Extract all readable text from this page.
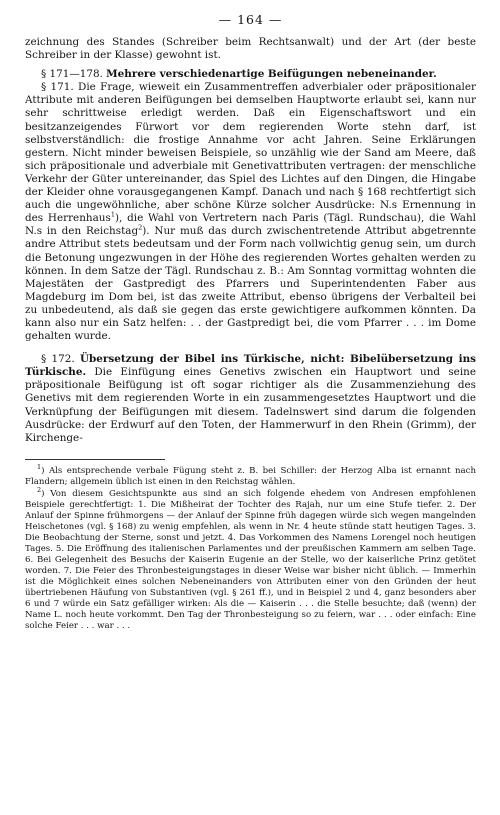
— 164 —

zeichnung des Standes (Schreiber beim Rechtsanwalt) und der Art (der beste Schreiber in der Klasse) gewohnt ist.

§ 171—178. Mehrere verschiedenartige Beifügungen nebeneinander.

§ 171. Die Frage, wieweit ein Zusammentreffen adverbialer oder präpositionaler Attribute mit anderen Beifügungen bei demselben Hauptworte erlaubt sei, kann nur sehr schrittweise erledigt werden. Daß ein Eigenschaftswort und ein besitzanzeigendes Fürwort vor dem regierenden Worte stehn darf, ist selbstverständlich: die frostige Annahme vor acht Jahren. Seine Erklärungen gestern. Nicht minder beweisen Beispiele, so unzählig wie der Sand am Meere, daß sich präpositionale und adverbiale mit Genetivattributen vertragen: der menschliche Verkehr der Güter untereinander, das Spiel des Lichtes auf den Dingen, die Hingabe der Kleider ohne vorausgegangenen Kampf. Danach und nach § 168 rechtfertigt sich auch die ungewöhnliche, aber schöne Kürze solcher Ausdrücke: N.s Ernennung in des Herrenhaus$^1$), die Wahl von Vertretern nach Paris (Tägl. Rundschau), die Wahl N.s in den Reichstag$^2$). Nur muß das durch zwischentretende Attribut abgetrennte andre Attribut stets bedeutsam und der Form nach vollwichtig genug sein, um durch die Betonung ungezwungen in der Höhe des regierenden Wortes gehalten werden zu können. In dem Satze der Tägl. Rundschau z. B.: Am Sonntag vormittag wohnten die Majestäten der Gastpredigt des Pfarrers und Superintendenten Faber aus Magdeburg im Dom bei, ist das zweite Attribut, ebenso übrigens der Verbalteil bei zu unbedeutend, als daß sie gegen das erste gewichtigere aufkommen könnten. Da kann also nur ein Satz helfen: . . der Gastpredigt bei, die vom Pfarrer . . . im Dome gehalten wurde.

§ 172. Übersetzung der Bibel ins Türkische, nicht: Bibelübersetzung ins Türkische. Die Einfügung eines Genetivs zwischen ein Hauptwort und seine präpositionale Beifügung ist oft sogar richtiger als die Zusammenziehung des Genetivs mit dem regierenden Worte in ein zusammengesetztes Hauptwort und die Verknüpfung der Beifügungen mit diesem. Tadelnswert sind darum die folgenden Ausdrücke: der Erdwurf auf den Toten, der Hammerwurf in den Rhein (Grimm), der Kirchenge-

$^1$) Als entsprechende verbale Fügung steht z. B. bei Schiller: der Herzog Alba ist ernannt nach Flandern; allgemein üblich ist einen in den Reichstag wählen.

$^2$) Von diesem Gesichtspunkte aus sind an sich folgende ehedem von Andresen empfohlenen Beispiele gerechtfertigt: 1. Die Mißheirat der Tochter des Rajah, nur um eine Stufe tiefer. 2. Der Anlauf der Spinne frühmorgens — der Anlauf der Spinne früh dagegen würde sich wegen mangelnden Heischetones (vgl. § 168) zu wenig empfehlen, als wenn in Nr. 4 heute stünde statt heutigen Tages. 3. Die Beobachtung der Sterne, sonst und jetzt. 4. Das Vorkommen des Namens Lorengel noch heutigen Tages. 5. Die Eröffnung des italienischen Parlamentes und der preußischen Kammern am selben Tage. 6. Bei Gelegenheit des Besuchs der Kaiserin Eugenie an der Stelle, wo der kaiserliche Prinz getötet worden. 7. Die Feier des Thronbesteigungstages in dieser Weise war bisher nicht üblich. — Immerhin ist die Möglichkeit eines solchen Nebeneinanders von Attributen einer von den Gründen der heut übertriebenen Häufung von Substantiven (vgl. § 261 ff.), und in Beispiel 2 und 4, ganz besonders aber 6 und 7 würde ein Satz gefälliger wirken: Als die — Kaiserin . . . die Stelle besuchte; daß (wenn) der Name L. noch heute vorkommt. Den Tag der Thronbesteigung so zu feiern, war . . . oder einfach: Eine solche Feier . . . war . . .
